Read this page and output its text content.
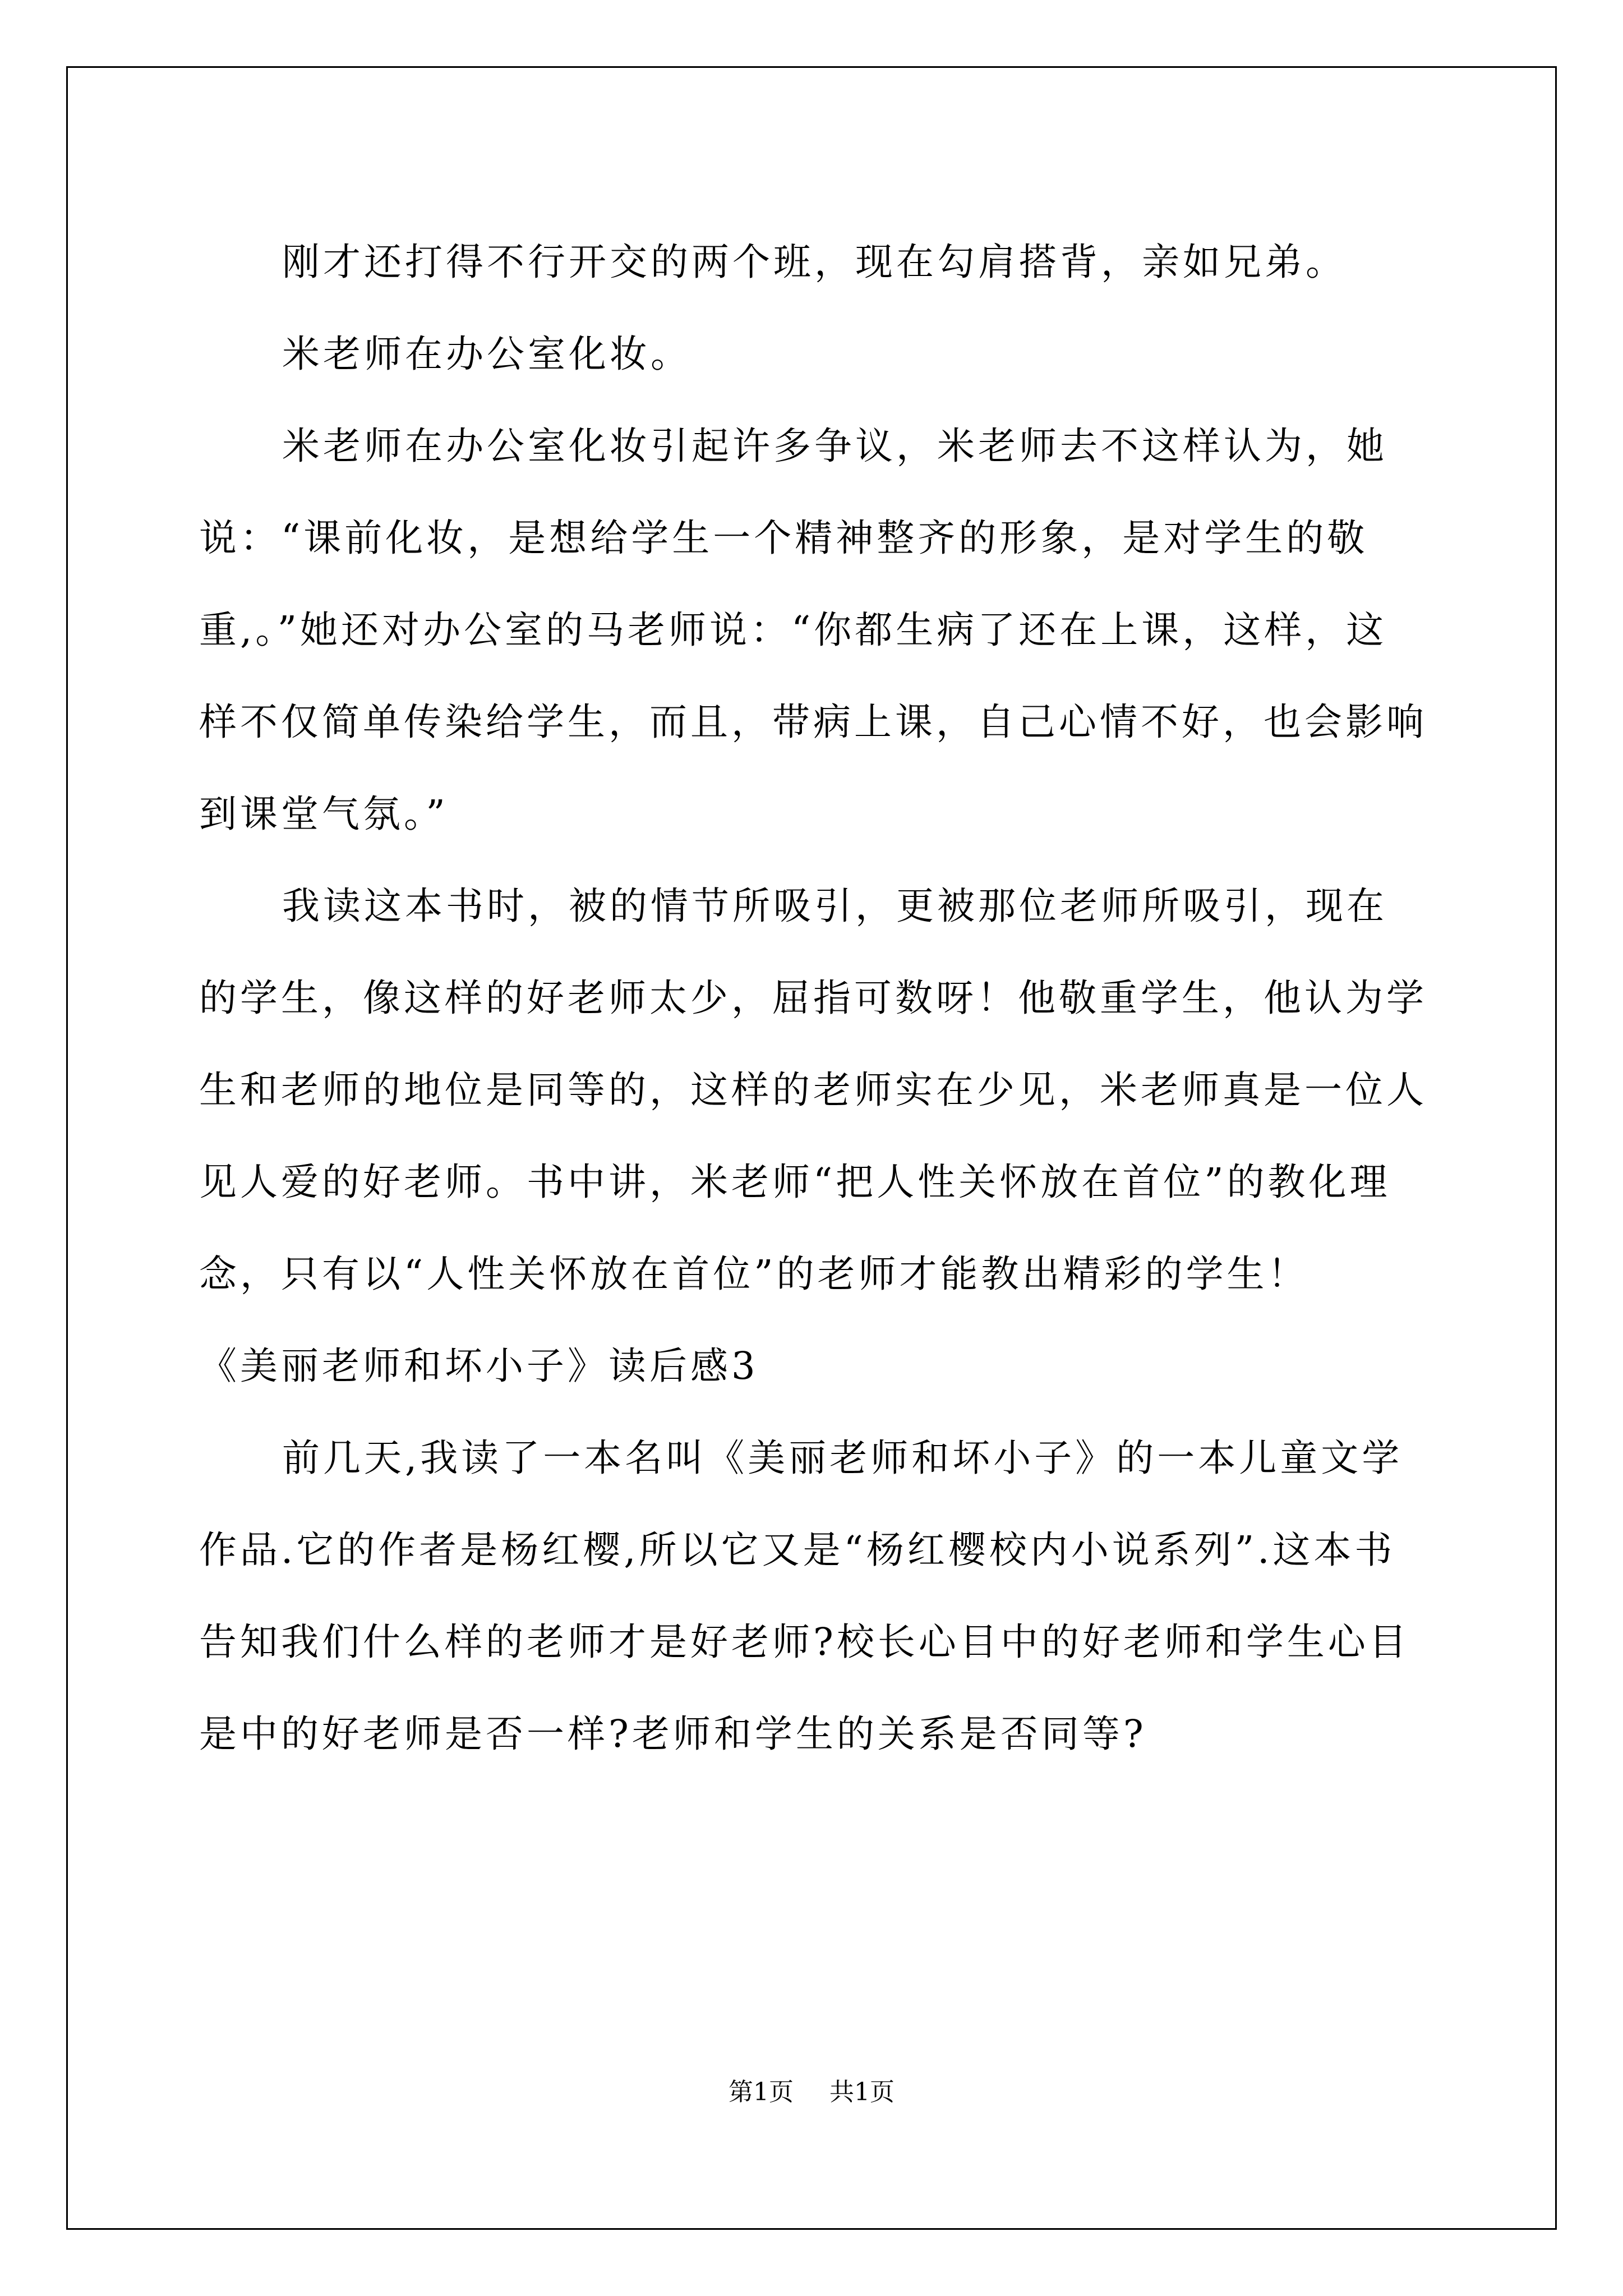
刚才还打得不行开交的两个班，现在勾肩搭背，亲如兄弟。

米老师在办公室化妆。

米老师在办公室化妆引起许多争议，米老师去不这样认为，她说：“课前化妆，是想给学生一个精神整齐的形象，是对学生的敬重,。”她还对办公室的马老师说：“你都生病了还在上课，这样，这样不仅简单传染给学生，而且，带病上课，自己心情不好，也会影响到课堂气氛。”

我读这本书时，被的情节所吸引，更被那位老师所吸引，现在的学生，像这样的好老师太少，屈指可数呀！他敬重学生，他认为学生和老师的地位是同等的，这样的老师实在少见，米老师真是一位人见人爱的好老师。书中讲，米老师“把人性关怀放在首位”的教化理念，只有以“人性关怀放在首位”的老师才能教出精彩的学生！

《美丽老师和坏小子》读后感3

前几天,我读了一本名叫《美丽老师和坏小子》的一本儿童文学作品.它的作者是杨红樱,所以它又是“杨红樱校内小说系列”.这本书告知我们什么样的老师才是好老师?校长心目中的好老师和学生心目是中的好老师是否一样?老师和学生的关系是否同等?

第1页 共1页
